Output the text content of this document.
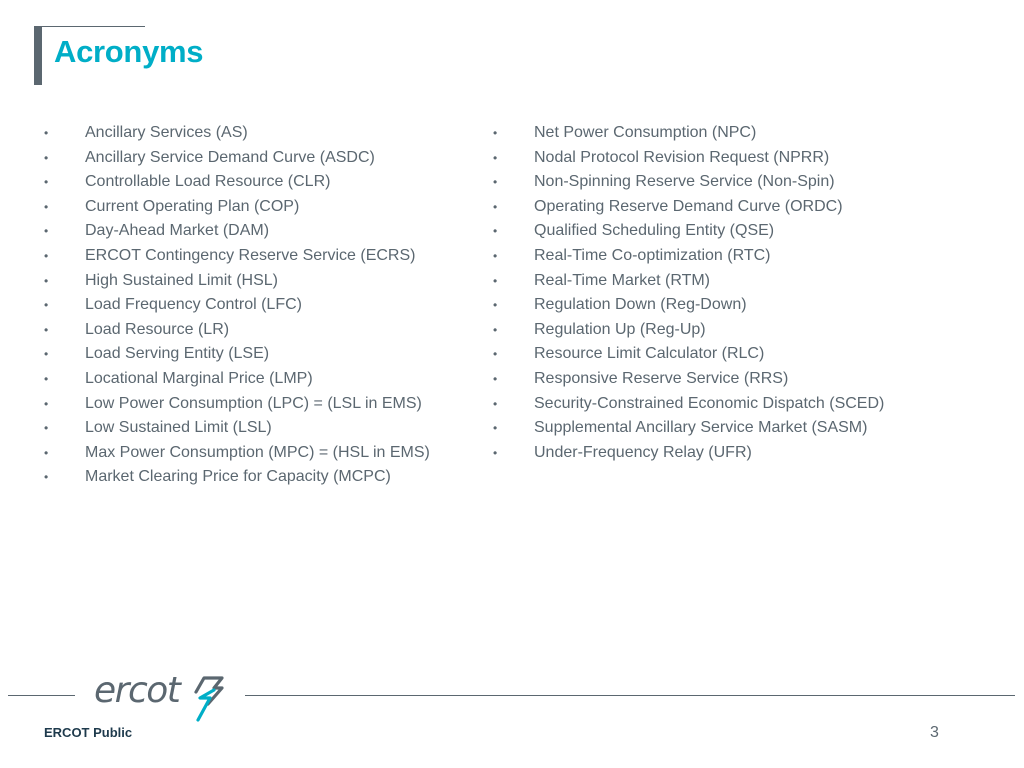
Acronyms
• Ancillary Services (AS)
• Ancillary Service Demand Curve (ASDC)
• Controllable Load Resource (CLR)
• Current Operating Plan (COP)
• Day-Ahead Market (DAM)
• ERCOT Contingency Reserve Service (ECRS)
• High Sustained Limit (HSL)
• Load Frequency Control (LFC)
• Load Resource (LR)
• Load Serving Entity (LSE)
• Locational Marginal Price (LMP)
• Low Power Consumption (LPC) = (LSL in EMS)
• Low Sustained Limit (LSL)
• Max Power Consumption (MPC) = (HSL in EMS)
• Market Clearing Price for Capacity (MCPC)
• Net Power Consumption (NPC)
• Nodal Protocol Revision Request (NPRR)
• Non-Spinning Reserve Service (Non-Spin)
• Operating Reserve Demand Curve (ORDC)
• Qualified Scheduling Entity (QSE)
• Real-Time Co-optimization (RTC)
• Real-Time Market (RTM)
• Regulation Down (Reg-Down)
• Regulation Up (Reg-Up)
• Resource Limit Calculator (RLC)
• Responsive Reserve Service (RRS)
• Security-Constrained Economic Dispatch (SCED)
• Supplemental Ancillary Service Market (SASM)
• Under-Frequency Relay (UFR)
ercot
ERCOT Public	3
